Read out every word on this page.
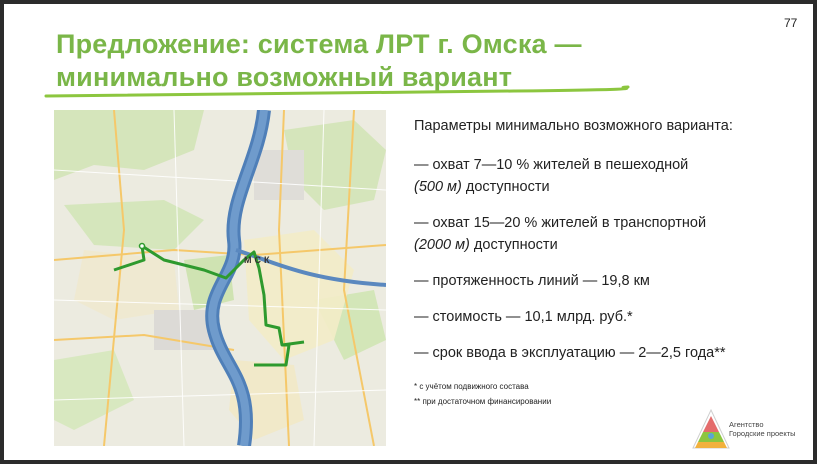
77
Предложение: система ЛРТ г. Омска —
минимально возможный вариант
МСК

Параметры минимально возможного варианта:

— охват 7—10 % жителей в пешеходной
(500 м) доступности

— охват 15—20 % жителей в транспортной
(2000 м) доступности

— протяженность линий — 19,8 км

— стоимость — 10,1 млрд. руб.*

— срок ввода в эксплуатацию — 2—2,5 года**

* с учётом подвижного состава
** при достаточном финансировании
Агентство
Городские проекты
